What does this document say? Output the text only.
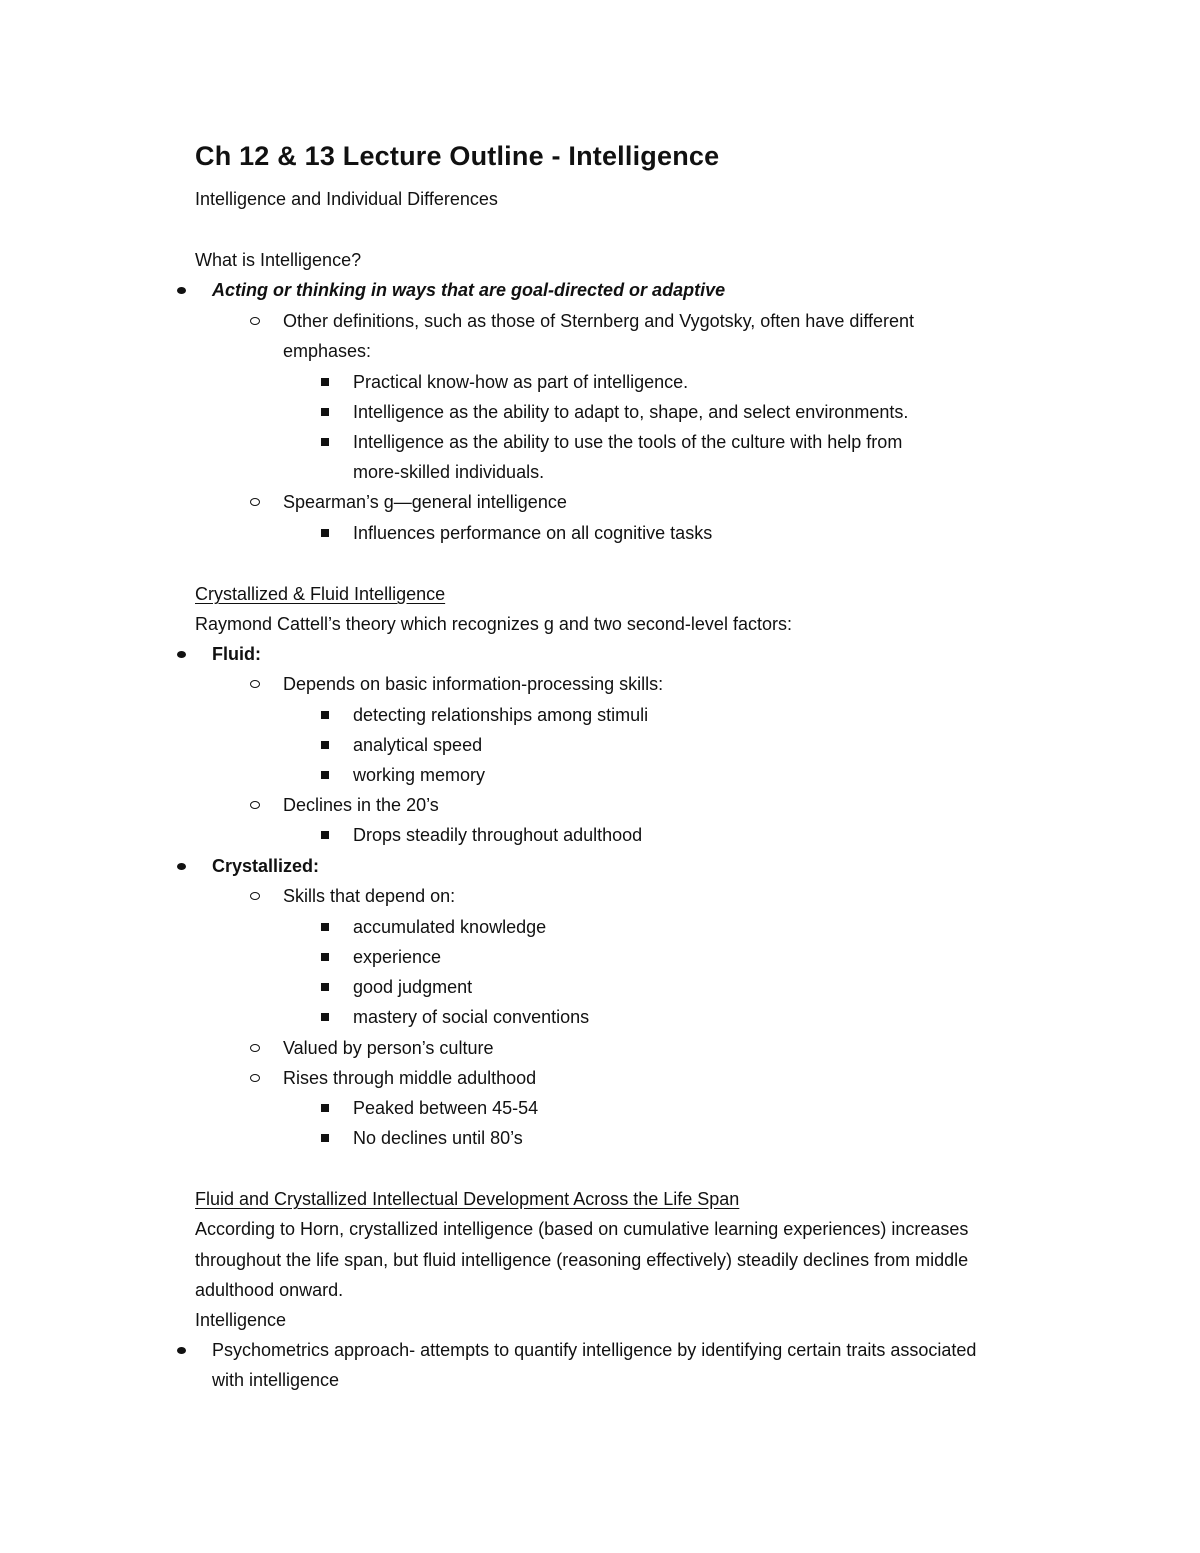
Ch 12 & 13 Lecture Outline - Intelligence
Intelligence and Individual Differences
What is Intelligence?
Acting or thinking in ways that are goal-directed or adaptive
Other definitions, such as those of Sternberg and Vygotsky, often have different
emphases:
Practical know-how as part of intelligence.
Intelligence as the ability to adapt to, shape, and select environments.
Intelligence as the ability to use the tools of the culture with help from
more-skilled individuals.
Spearman’s g—general intelligence
Influences performance on all cognitive tasks
Crystallized & Fluid Intelligence
Raymond Cattell’s theory which recognizes g and two second-level factors:
Fluid:
Depends on basic information-processing skills:
detecting relationships among stimuli
analytical speed
working memory
Declines in the 20’s
Drops steadily throughout adulthood
Crystallized:
Skills that depend on:
accumulated knowledge
experience
good judgment
mastery of social conventions
Valued by person’s culture
Rises through middle adulthood
Peaked between 45-54
No declines until 80’s
Fluid and Crystallized Intellectual Development Across the Life Span
According to Horn, crystallized intelligence (based on cumulative learning experiences) increases
throughout the life span, but fluid intelligence (reasoning effectively) steadily declines from middle
adulthood onward.
Intelligence
Psychometrics approach- attempts to quantify intelligence by identifying certain traits associated
with intelligence
